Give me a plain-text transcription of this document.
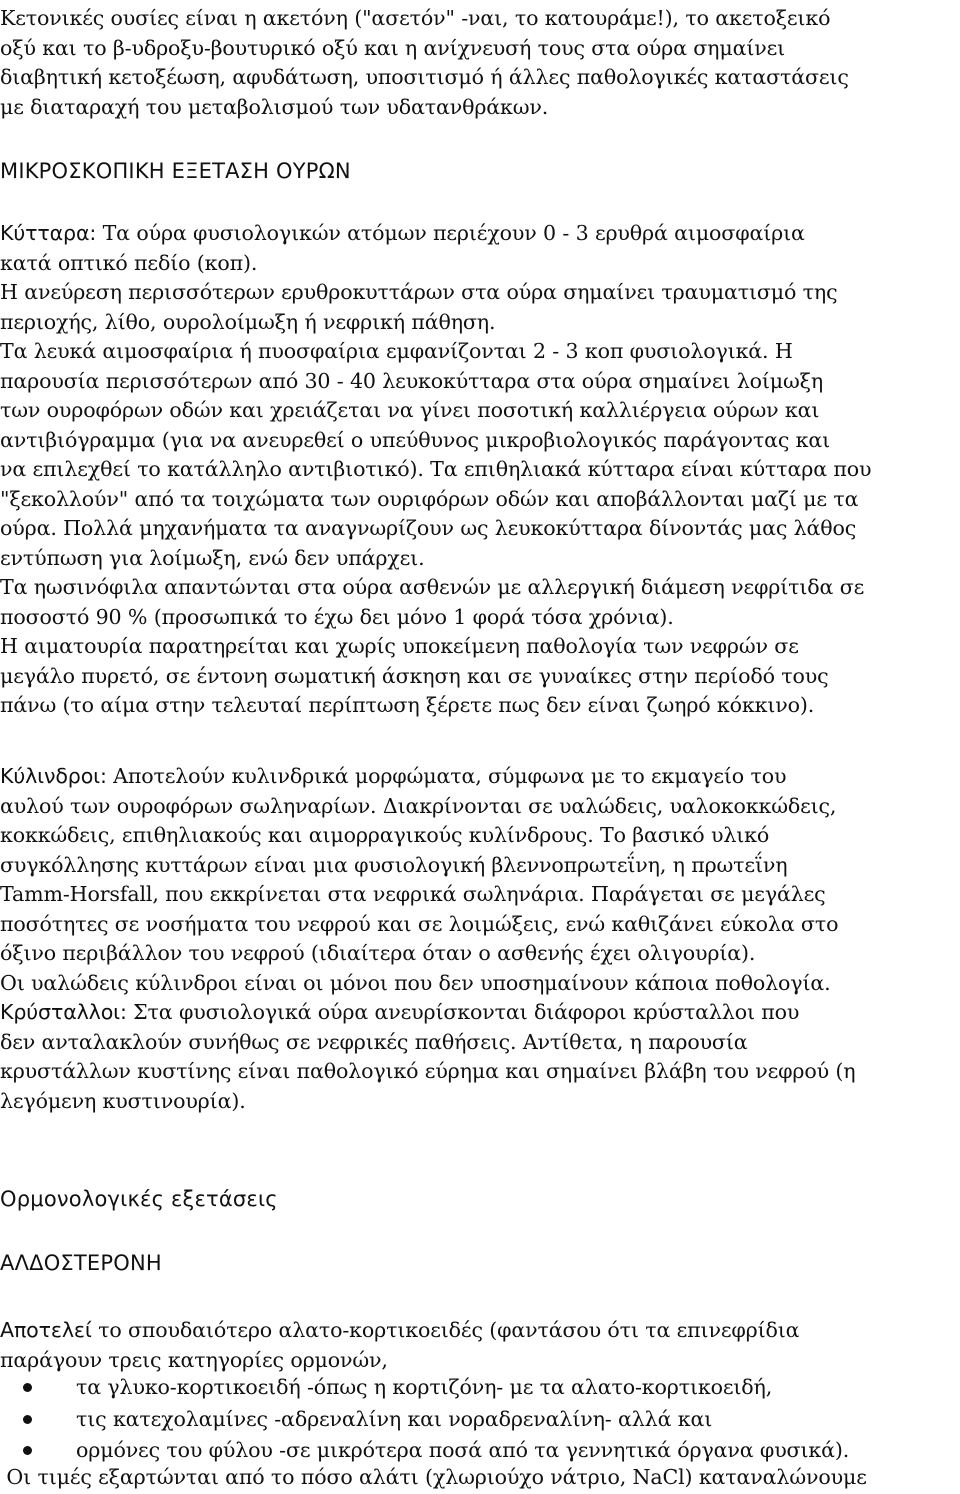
Κετονικές ουσίες είναι η ακετόνη ("ασετόν" -ναι, το κατουράμε!), το ακετοξεικό
οξύ και το β-υδροξυ-βουτυρικό οξύ και η ανίχνευσή τους στα ούρα σημαίνει
διαβητική κετοξέωση, αφυδάτωση, υποσιτισμό ή άλλες παθολογικές καταστάσεις
με διαταραχή του μεταβολισμού των υδατανθράκων.

ΜΙΚΡΟΣΚΟΠΙΚΗ ΕΞΕΤΑΣΗ ΟΥΡΩΝ

Κύτταρα: Τα ούρα φυσιολογικών ατόμων περιέχουν 0 - 3 ερυθρά αιμοσφαίρια
κατά οπτικό πεδίο (κοπ).
Η ανεύρεση περισσότερων ερυθροκυττάρων στα ούρα σημαίνει τραυματισμό της
περιοχής, λίθο, ουρολοίμωξη ή νεφρική πάθηση.
Τα λευκά αιμοσφαίρια ή πυοσφαίρια εμφανίζονται 2 - 3 κοπ φυσιολογικά. Η
παρουσία περισσότερων από 30 - 40 λευκοκύτταρα στα ούρα σημαίνει λοίμωξη
των ουροφόρων οδών και χρειάζεται να γίνει ποσοτική καλλιέργεια ούρων και
αντιβιόγραμμα (για να ανευρεθεί ο υπεύθυνος μικροβιολογικός παράγοντας και
να επιλεχθεί το κατάλληλο αντιβιοτικό). Τα επιθηλιακά κύτταρα είναι κύτταρα που
"ξεκολλούν" από τα τοιχώματα των ουριφόρων οδών και αποβάλλονται μαζί με τα
ούρα. Πολλά μηχανήματα τα αναγνωρίζουν ως λευκοκύτταρα δίνοντάς μας λάθος
εντύπωση για λοίμωξη, ενώ δεν υπάρχει.
Τα ηωσινόφιλα απαντώνται στα ούρα ασθενών με αλλεργική διάμεση νεφρίτιδα σε
ποσοστό 90 % (προσωπικά το έχω δει μόνο 1 φορά τόσα χρόνια).
Η αιματουρία παρατηρείται και χωρίς υποκείμενη παθολογία των νεφρών σε
μεγάλο πυρετό, σε έντονη σωματική άσκηση και σε γυναίκες στην περίοδό τους
πάνω (το αίμα στην τελευταί περίπτωση ξέρετε πως δεν είναι ζωηρό κόκκινο).

Κύλινδροι: Αποτελούν κυλινδρικά μορφώματα, σύμφωνα με το εκμαγείο του
αυλού των ουροφόρων σωληναρίων. Διακρίνονται σε υαλώδεις, υαλοκοκκώδεις,
κοκκώδεις, επιθηλιακούς και αιμορραγικούς κυλίνδρους. Το βασικό υλικό
συγκόλλησης κυττάρων είναι μια φυσιολογική βλεννοπρωτεΐνη, η πρωτεΐνη
Tamm-Horsfall, που εκκρίνεται στα νεφρικά σωληνάρια. Παράγεται σε μεγάλες
ποσότητες σε νοσήματα του νεφρού και σε λοιμώξεις, ενώ καθιζάνει εύκολα στο
όξινο περιβάλλον του νεφρού (ιδιαίτερα όταν ο ασθενής έχει ολιγουρία).
Οι υαλώδεις κύλινδροι είναι οι μόνοι που δεν υποσημαίνουν κάποια ποθολογία.

Κρύσταλλοι: Στα φυσιολογικά ούρα ανευρίσκονται διάφοροι κρύσταλλοι που
δεν ανταλακλούν συνήθως σε νεφρικές παθήσεις. Αντίθετα, η παρουσία
κρυστάλλων κυστίνης είναι παθολογικό εύρημα και σημαίνει βλάβη του νεφρού (η
λεγόμενη κυστινουρία).

Ορμονολογικές εξετάσεις
ΑΛΔΟΣΤΕΡΟΝΗ

Αποτελεί το σπουδαιότερο αλατο-κορτικοειδές (φαντάσου ότι τα επινεφρίδια
παράγουν τρεις κατηγορίες ορμονών,

τα γλυκο-κορτικοειδή -όπως η κορτιζόνη- με τα αλατο-κορτικοειδή,
τις κατεχολαμίνες -αδρεναλίνη και νοραδρεναλίνη- αλλά και
ορμόνες του φύλου -σε μικρότερα ποσά από τα γεννητικά όργανα φυσικά).

Οι τιμές εξαρτώνται από το πόσο αλάτι (χλωριούχο νάτριο, NaCl) καταναλώνουμε
